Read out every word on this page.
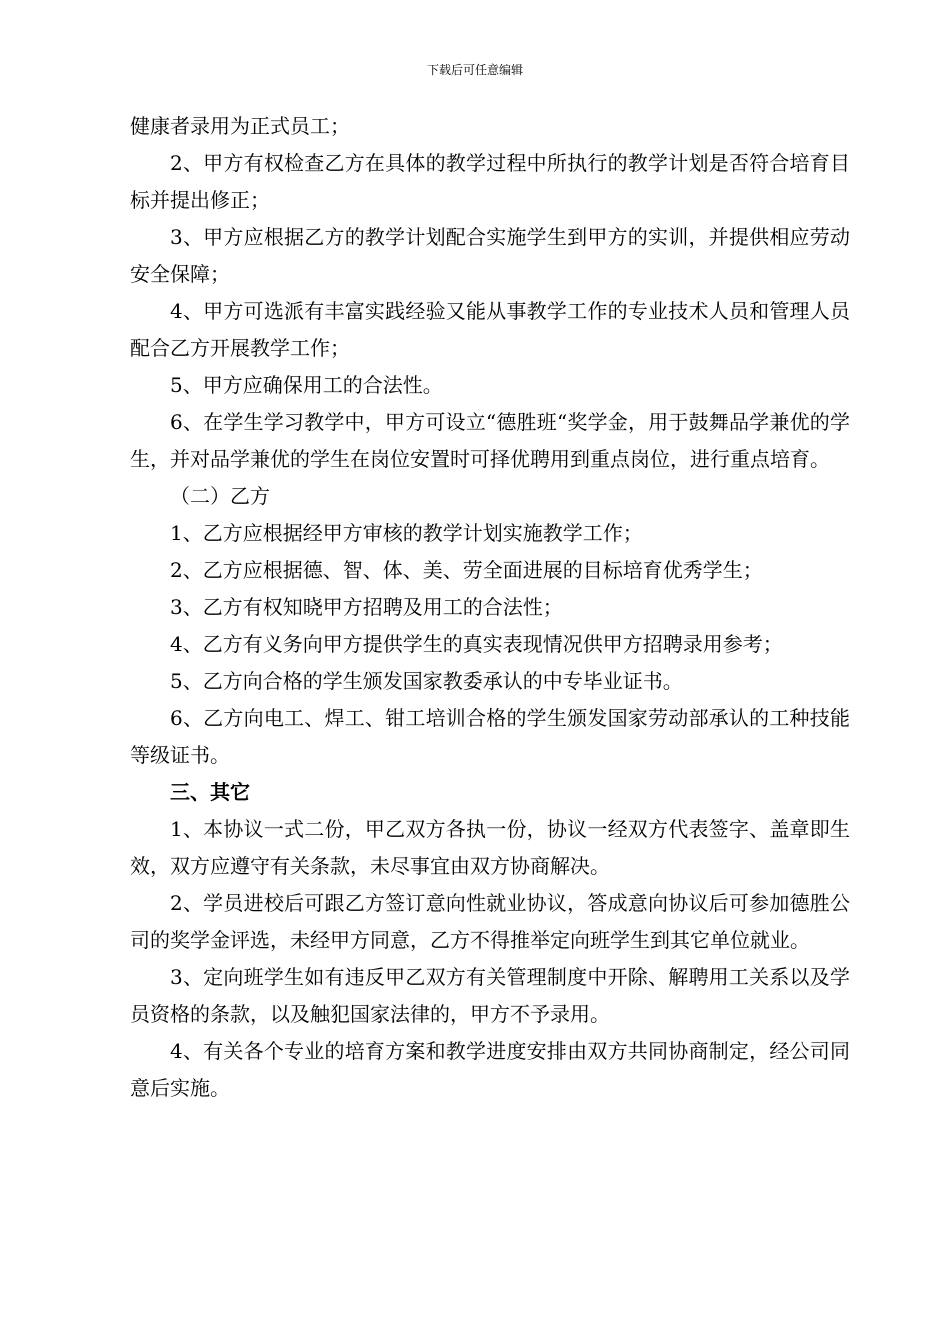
下载后可任意编辑

健康者录用为正式员工；

2、甲方有权检查乙方在具体的教学过程中所执行的教学计划是否符合培育目标并提出修正；

3、甲方应根据乙方的教学计划配合实施学生到甲方的实训，并提供相应劳动安全保障；

4、甲方可选派有丰富实践经验又能从事教学工作的专业技术人员和管理人员配合乙方开展教学工作；

5、甲方应确保用工的合法性。

6、在学生学习教学中，甲方可设立“德胜班“奖学金，用于鼓舞品学兼优的学生，并对品学兼优的学生在岗位安置时可择优聘用到重点岗位，进行重点培育。

（二）乙方

1、乙方应根据经甲方审核的教学计划实施教学工作；

2、乙方应根据德、智、体、美、劳全面进展的目标培育优秀学生；

3、乙方有权知晓甲方招聘及用工的合法性；

4、乙方有义务向甲方提供学生的真实表现情况供甲方招聘录用参考；

5、乙方向合格的学生颁发国家教委承认的中专毕业证书。

6、乙方向电工、焊工、钳工培训合格的学生颁发国家劳动部承认的工种技能等级证书。

三、其它

1、本协议一式二份，甲乙双方各执一份，协议一经双方代表签字、盖章即生效，双方应遵守有关条款，未尽事宜由双方协商解决。

2、学员进校后可跟乙方签订意向性就业协议，答成意向协议后可参加德胜公司的奖学金评选，未经甲方同意，乙方不得推举定向班学生到其它单位就业。

3、定向班学生如有违反甲乙双方有关管理制度中开除、解聘用工关系以及学员资格的条款，以及触犯国家法律的，甲方不予录用。

4、有关各个专业的培育方案和教学进度安排由双方共同协商制定，经公司同意后实施。
